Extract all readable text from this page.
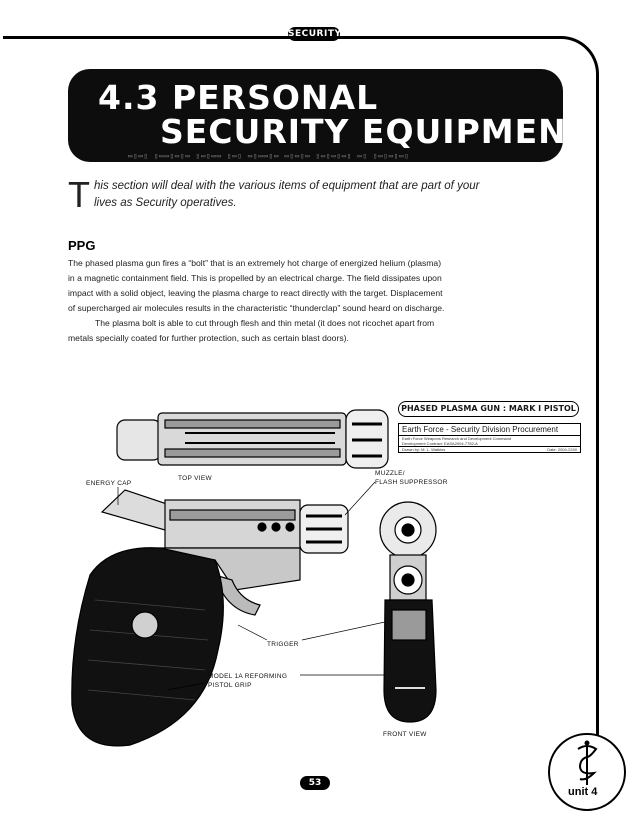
SECURITY
4.3 PERSONAL
SECURITY EQUIPMENT
▭▯▭▯ ▯▭▭▯▭▯▭ ▯▭▯▭▭ ▯▭▯ ▭▯▭▭▯▭ ▭▯▭▯▭ ▯▭▯▭▯▭▯ ▭▯ ▯▭▯▭▯▭▯
T his section will deal with the various items of equipment that are part of your lives as Security operatives.
PPG

The phased plasma gun fires a “bolt” that is an extremely hot charge of energized helium (plasma) in a magnetic containment field. This is propelled by an electrical charge. The field dissipates upon impact with a solid object, leaving the plasma charge to react directly with the target. Displacement of supercharged air molecules results in the characteristic “thunderclap” sound heard on discharge.

The plasma bolt is able to cut through flesh and thin metal (it does not ricochet apart from metals specially coated for further protection, such as certain blast doors).

PHASED PLASMA GUN : MARK I PISTOL
Earth Force - Security Division Procurement
Earth Force Weapons Research and Development Command
Development Contract: EASA2004-7782-A
Drawn by: M. L. Watkins	Date: 2004-2240
TOP VIEW
ENERGY CAP
MUZZLE/
FLASH SUPPRESSOR
TRIGGER
MODEL 1A REFORMING
PISTOL GRIP
SIDE VIEW	FRONT VIEW
53
unit 4
